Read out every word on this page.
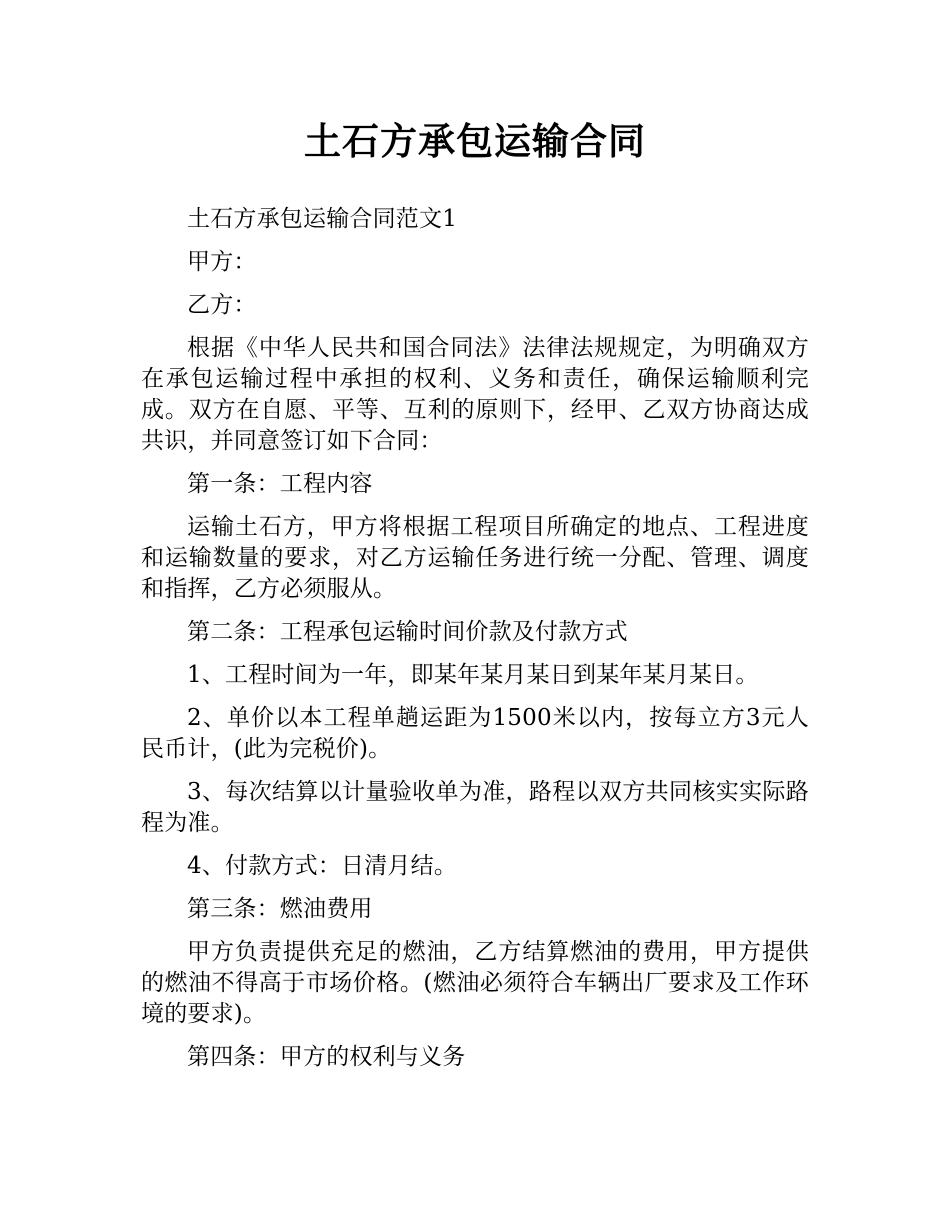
土石方承包运输合同

土石方承包运输合同范文1

甲方：

乙方：

根据《中华人民共和国合同法》法律法规规定，为明确双方在承包运输过程中承担的权利、义务和责任，确保运输顺利完成。双方在自愿、平等、互利的原则下，经甲、乙双方协商达成共识，并同意签订如下合同：

第一条：工程内容

运输土石方，甲方将根据工程项目所确定的地点、工程进度和运输数量的要求，对乙方运输任务进行统一分配、管理、调度和指挥，乙方必须服从。

第二条：工程承包运输时间价款及付款方式

1、工程时间为一年，即某年某月某日到某年某月某日。

2、单价以本工程单趟运距为1500米以内，按每立方3元人民币计，(此为完税价)。

3、每次结算以计量验收单为准，路程以双方共同核实实际路程为准。

4、付款方式：日清月结。

第三条：燃油费用

甲方负责提供充足的燃油，乙方结算燃油的费用，甲方提供的燃油不得高于市场价格。(燃油必须符合车辆出厂要求及工作环境的要求)。

第四条：甲方的权利与义务
